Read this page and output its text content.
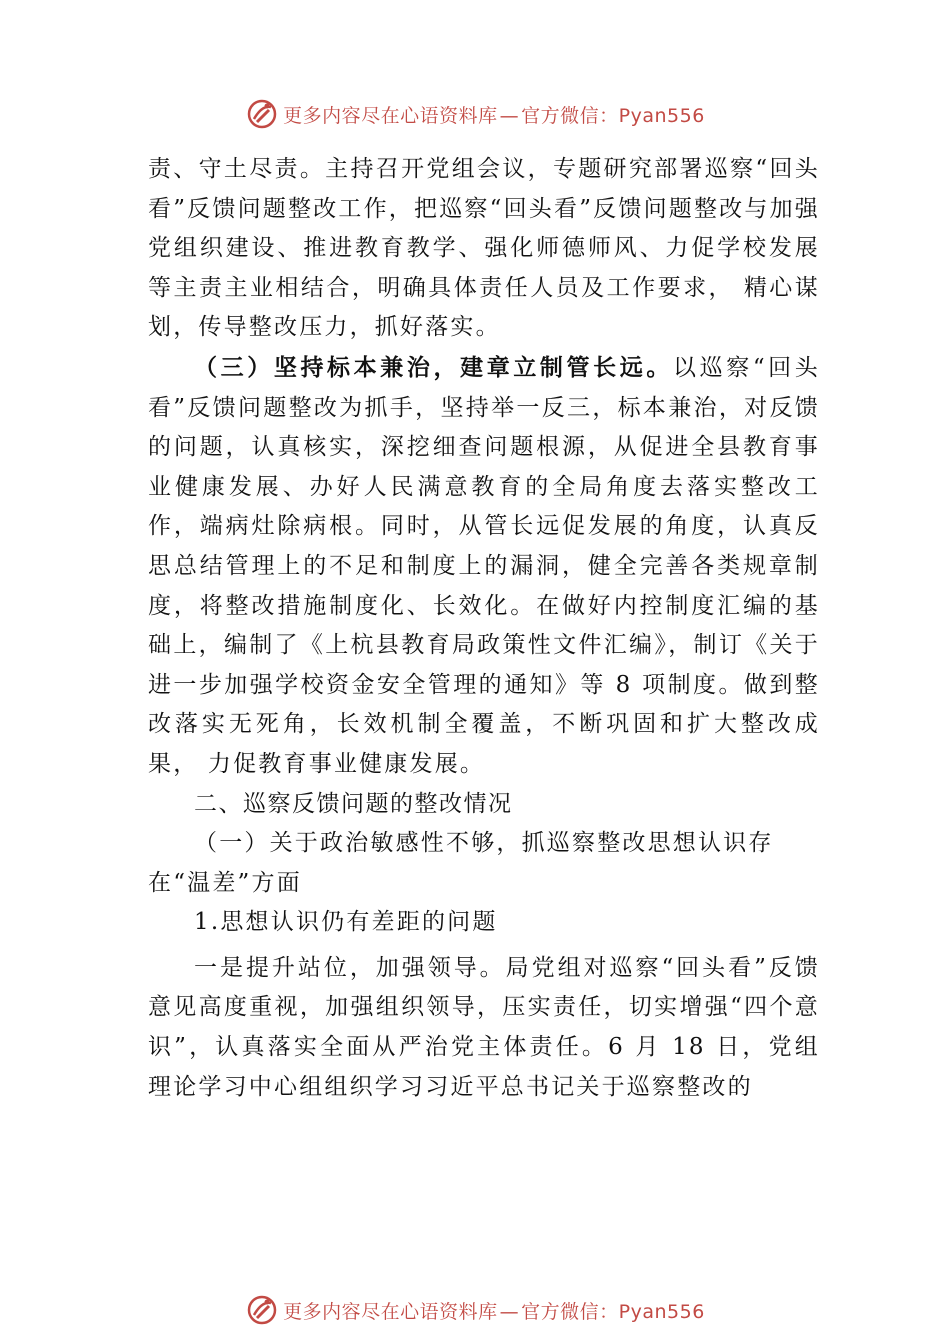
更多内容尽在心语资料库 — 官方微信：Pyan556

责、守土尽责。主持召开党组会议，专题研究部署巡察“回头看”反馈问题整改工作，把巡察“回头看”反馈问题整改与加强党组织建设、推进教育教学、强化师德师风、力促学校发展等主责主业相结合，明确具体责任人员及工作要求， 精心谋划，传导整改压力，抓好落实。

（三）坚持标本兼治，建章立制管长远。以巡察“回头看”反馈问题整改为抓手，坚持举一反三，标本兼治，对反馈的问题，认真核实，深挖细查问题根源，从促进全县教育事业健康发展、办好人民满意教育的全局角度去落实整改工作，端病灶除病根。同时，从管长远促发展的角度，认真反思总结管理上的不足和制度上的漏洞，健全完善各类规章制度，将整改措施制度化、长效化。在做好内控制度汇编的基础上，编制了《上杭县教育局政策性文件汇编》，制订《关于进一步加强学校资金安全管理的通知》等 8 项制度。做到整改落实无死角，长效机制全覆盖，不断巩固和扩大整改成果， 力促教育事业健康发展。

二、巡察反馈问题的整改情况

（一）关于政治敏感性不够，抓巡察整改思想认识存在“温差”方面

1.思想认识仍有差距的问题

一是提升站位，加强领导。局党组对巡察“回头看”反馈意见高度重视，加强组织领导，压实责任，切实增强“四个意识”，认真落实全面从严治党主体责任。6 月 18 日，党组理论学习中心组组织学习习近平总书记关于巡察整改的

更多内容尽在心语资料库 — 官方微信：Pyan556
